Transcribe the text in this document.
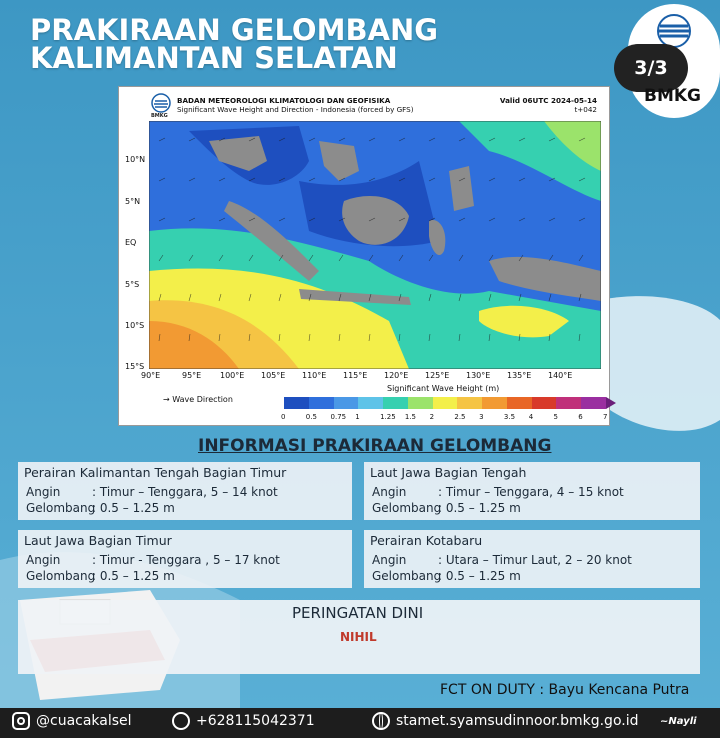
PRAKIRAAN GELOMBANG
KALIMANTAN SELATAN	3/3
BMKG
BMKG
BADAN METEOROLOGI KLIMATOLOGI DAN GEOFISIKA
Significant Wave Height and Direction - Indonesia (forced by GFS)
Valid 06UTC 2024-05-14
t+042
10°N
5°N
EQ
5°S
10°S
15°S
90°E	95°E 100°E 105°E 110°E 115°E 120°E 125°E 130°E 135°E 140°E
Significant Wave Height (m)
→ Wave Direction
0	0.5 0.75 1	1.25 1.5 2	2.5 3	3.5 4	5	6	7
INFORMASI PRAKIRAAN GELOMBANG
Perairan Kalimantan Tengah Bagian Timur
Angin	: Timur – Tenggara, 5 – 14 knot
Gelombang: 0.5 – 1.25 m
Laut Jawa Bagian Tengah
Angin	: Timur – Tenggara, 4 – 15 knot
Gelombang: 0.5 – 1.25 m
Laut Jawa Bagian Timur
Angin	: Timur - Tenggara , 5 – 17 knot
Gelombang: 0.5 – 1.25 m
Perairan Kotabaru
Angin	: Utara – Timur Laut, 2 – 20 knot
Gelombang: 0.5 – 1.25 m
PERINGATAN DINI
NIHIL
FCT ON DUTY : Bayu Kencana Putra
@cuacakalsel	+628115042371	stamet.syamsudinnoor.bmkg.go.id ~Nayli
